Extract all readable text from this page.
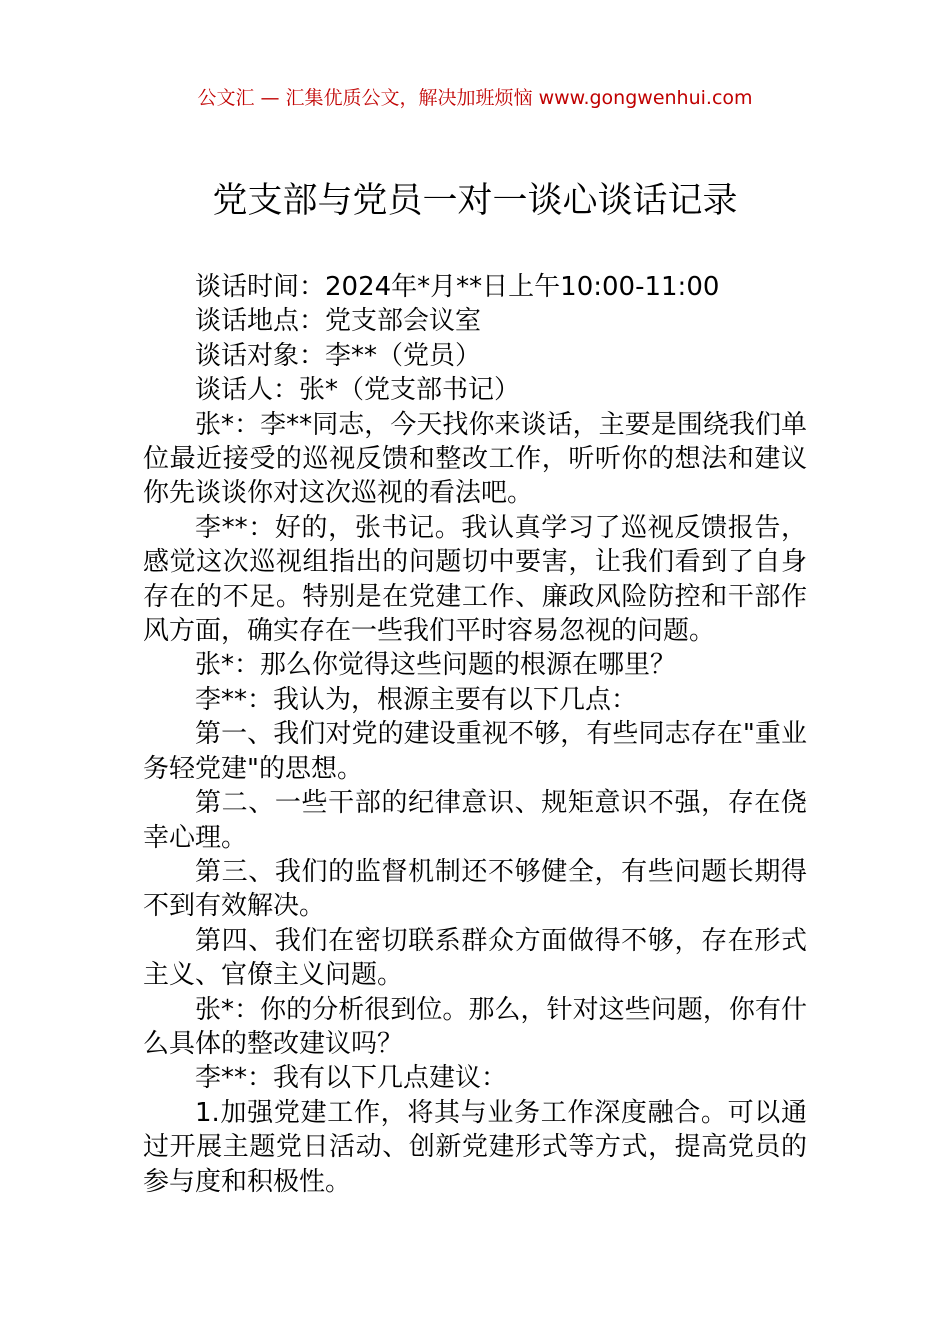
公文汇 — 汇集优质公文，解决加班烦恼 www.gongwenhui.com
党支部与党员一对一谈心谈话记录

谈话时间：2024年*月**日上午10:00-11:00

谈话地点：党支部会议室

谈话对象：李**（党员）

谈话人：张*（党支部书记）

张*：李**同志，今天找你来谈话，主要是围绕我们单位最近接受的巡视反馈和整改工作，听听你的想法和建议你先谈谈你对这次巡视的看法吧。

李**：好的，张书记。我认真学习了巡视反馈报告，感觉这次巡视组指出的问题切中要害，让我们看到了自身存在的不足。特别是在党建工作、廉政风险防控和干部作风方面，确实存在一些我们平时容易忽视的问题。

张*：那么你觉得这些问题的根源在哪里？

李**：我认为，根源主要有以下几点：

第一、我们对党的建设重视不够，有些同志存在"重业务轻党建"的思想。

第二、一些干部的纪律意识、规矩意识不强，存在侥幸心理。

第三、我们的监督机制还不够健全，有些问题长期得不到有效解决。

第四、我们在密切联系群众方面做得不够，存在形式主义、官僚主义问题。

张*：你的分析很到位。那么，针对这些问题，你有什么具体的整改建议吗？

李**：我有以下几点建议：

1.加强党建工作，将其与业务工作深度融合。可以通过开展主题党日活动、创新党建形式等方式，提高党员的参与度和积极性。
